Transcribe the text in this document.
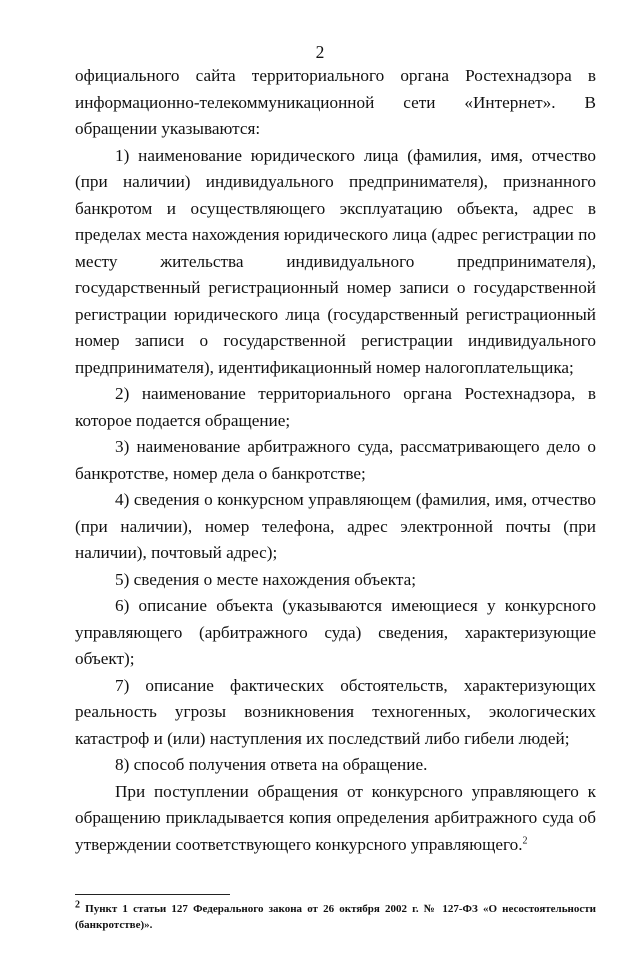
2

официального сайта территориального органа Ростехнадзора в информационно-телекоммуникационной сети «Интернет». В обращении указываются:

1) наименование юридического лица (фамилия, имя, отчество (при наличии) индивидуального предпринимателя), признанного банкротом и осуществляющего эксплуатацию объекта, адрес в пределах места нахождения юридического лица (адрес регистрации по месту жительства индивидуального предпринимателя), государственный регистрационный номер записи о государственной регистрации юридического лица (государственный регистрационный номер записи о государственной регистрации индивидуального предпринимателя), идентификационный номер налогоплательщика;

2) наименование территориального органа Ростехнадзора, в которое подается обращение;

3) наименование арбитражного суда, рассматривающего дело о банкротстве, номер дела о банкротстве;

4) сведения о конкурсном управляющем (фамилия, имя, отчество (при наличии), номер телефона, адрес электронной почты (при наличии), почтовый адрес);

5) сведения о месте нахождения объекта;

6) описание объекта (указываются имеющиеся у конкурсного управляющего (арбитражного суда) сведения, характеризующие объект);

7) описание фактических обстоятельств, характеризующих реальность угрозы возникновения техногенных, экологических катастроф и (или) наступления их последствий либо гибели людей;

8) способ получения ответа на обращение.

При поступлении обращения от конкурсного управляющего к обращению прикладывается копия определения арбитражного суда об утверждении соответствующего конкурсного управляющего.$^2$

$^2$ Пункт 1 статьи 127 Федерального закона от 26 октября 2002 г. № 127-ФЗ «О несостоятельности (банкротстве)».
